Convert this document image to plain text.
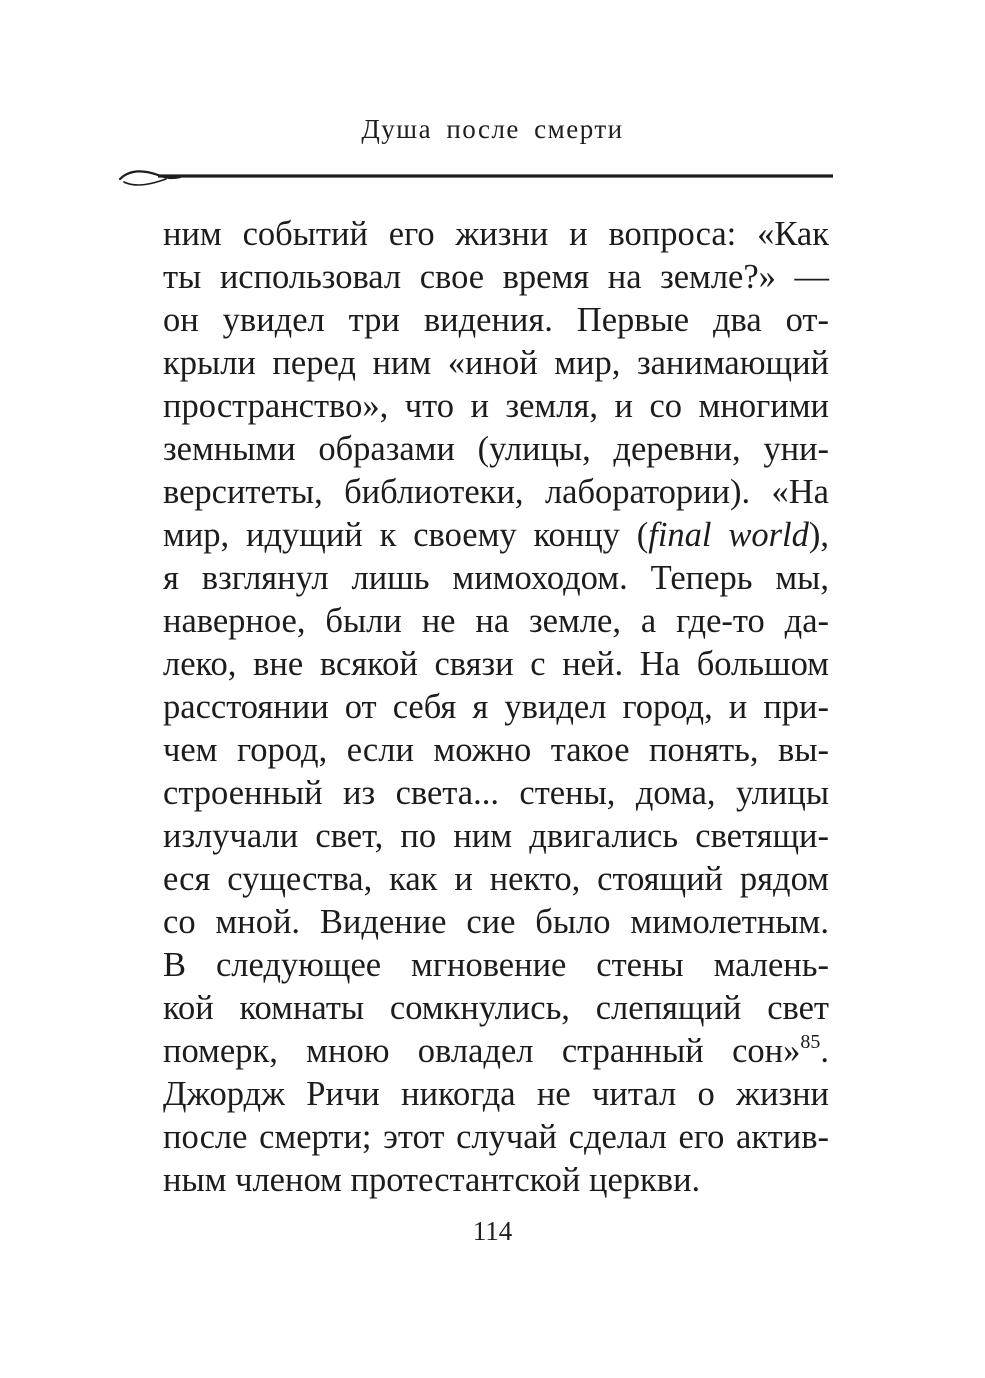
Душа после смерти
ним событий его жизни и вопроса: «Как
ты использовал свое время на земле?» —
он увидел три видения. Первые два от-
крыли перед ним «иной мир, занимающий
пространство», что и земля, и со многими
земными образами (улицы, деревни, уни-
верситеты, библиотеки, лаборатории). «На
мир, идущий к своему концу (final world),
я взглянул лишь мимоходом. Теперь мы,
наверное, были не на земле, а где-то да-
леко, вне всякой связи с ней. На большом
расстоянии от себя я увидел город, и при-
чем город, если можно такое понять, вы-
строенный из света... стены, дома, улицы
излучали свет, по ним двигались светящи-
еся существа, как и некто, стоящий рядом
со мной. Видение сие было мимолетным.
В следующее мгновение стены малень-
кой комнаты сомкнулись, слепящий свет
померк, мною овладел странный сон»$^{85}$.
Джордж Ричи никогда не читал о жизни
после смерти; этот случай сделал его актив-
ным членом протестантской церкви.
114
